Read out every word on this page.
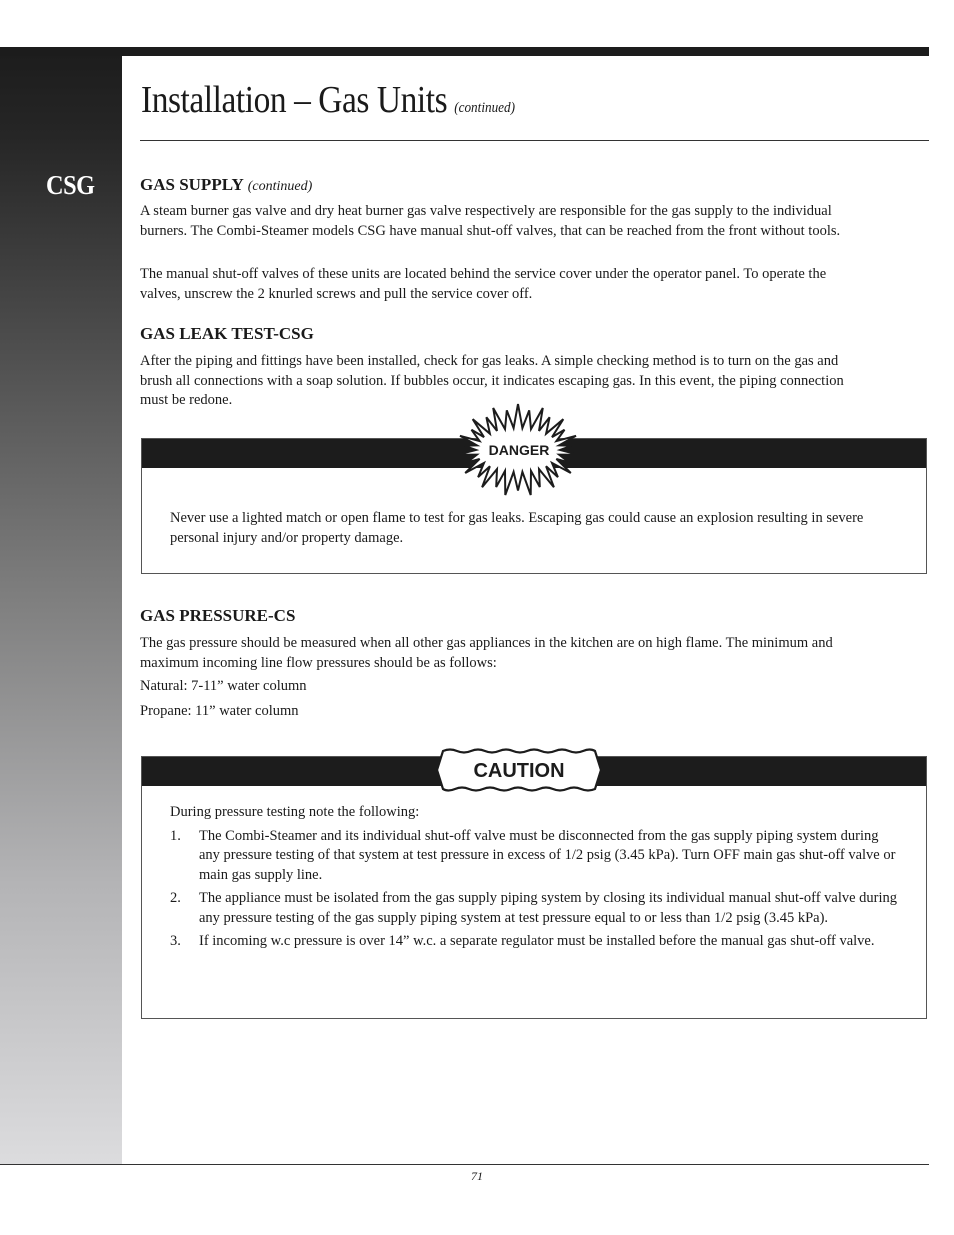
CSG
Installation – Gas Units (continued)
GAS SUPPLY (continued)

A steam burner gas valve and dry heat burner gas valve respectively are responsible for the gas supply to the individual burners. The Combi-Steamer models CSG have manual shut-off valves, that can be reached from the front without tools.

The manual shut-off valves of these units are located behind the service cover under the operator panel. To operate the valves, unscrew the 2 knurled screws and pull the service cover off.

GAS LEAK TEST-CSG

After the piping and fittings have been installed, check for gas leaks. A simple checking method is to turn on the gas and brush all connections with a soap solution. If bubbles occur, it indicates escaping gas. In this event, the piping connection must be redone.

Never use a lighted match or open flame to test for gas leaks. Escaping gas could cause an explosion resulting in severe personal injury and/or property damage.

DANGER
GAS PRESSURE-CS

The gas pressure should be measured when all other gas appliances in the kitchen are on high flame. The minimum and maximum incoming line flow pressures should be as follows:

Natural: 7-11” water column

Propane: 11” water column

During pressure testing note the following:

1. The Combi-Steamer and its individual shut-off valve must be disconnected from the gas supply piping system during any pressure testing of that system at test pressure in excess of 1/2 psig (3.45 kPa). Turn OFF main gas shut-off valve or main gas supply line.
2. The appliance must be isolated from the gas supply piping system by closing its individual manual shut-off valve during any pressure testing of the gas supply piping system at test pressure equal to or less than 1/2 psig (3.45 kPa).
3. If incoming w.c pressure is over 14” w.c. a separate regulator must be installed before the manual gas shut-off valve.
CAUTION
71
